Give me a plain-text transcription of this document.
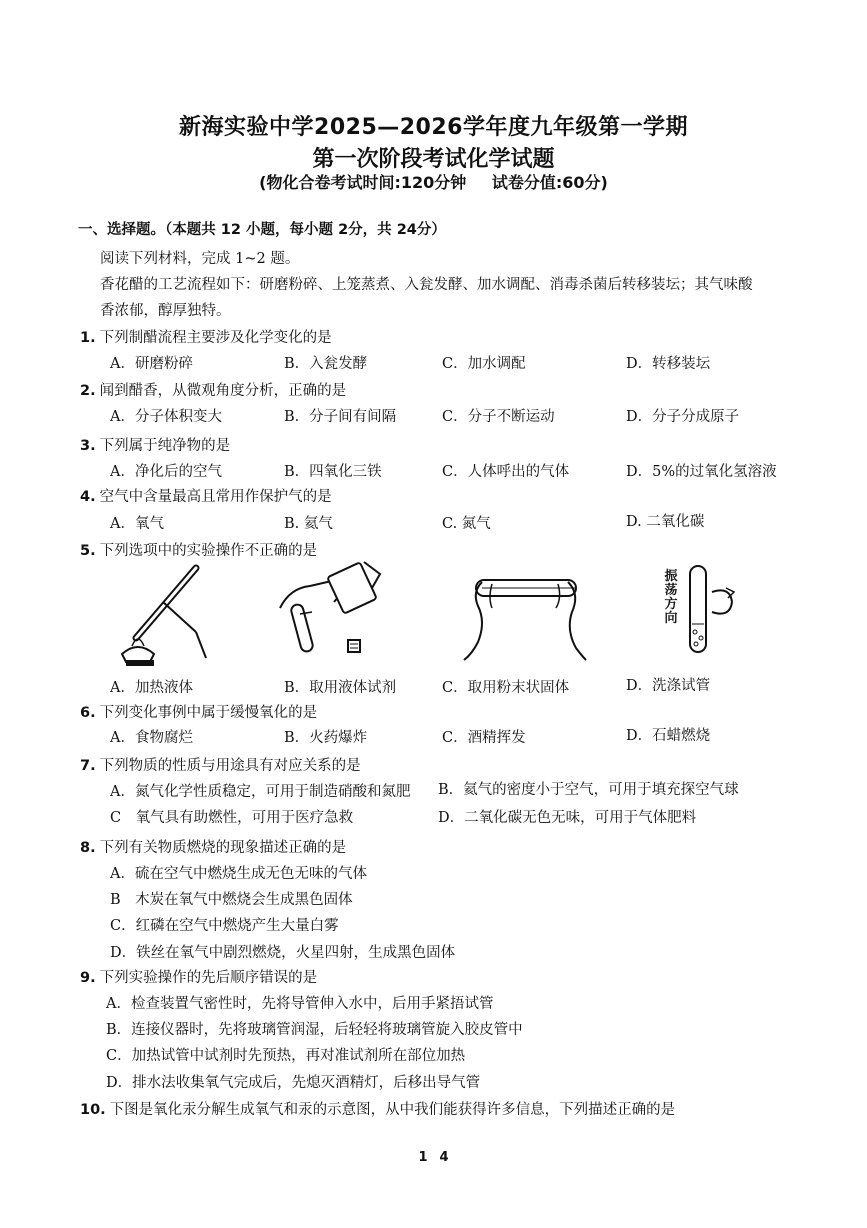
新海实验中学2025—2026学年度九年级第一学期
第一次阶段考试化学试题
(物化合卷考试时间:120分钟 试卷分值:60分)
一、选择题。（本题共 12 小题，每小题 2分，共 24分）
阅读下列材料，完成 1~2 题。
香花醋的工艺流程如下：研磨粉碎、上笼蒸煮、入瓮发酵、加水调配、消毒杀菌后转移装坛；其气味酸
香浓郁，醇厚独特。
1. 下列制醋流程主要涉及化学变化的是
A．研磨粉碎	B．入瓮发酵	C．加水调配	D．转移装坛
2. 闻到醋香，从微观角度分析，正确的是
A．分子体积变大	B．分子间有间隔	C．分子不断运动	D．分子分成原子
3. 下列属于纯净物的是
A．净化后的空气	B．四氧化三铁	C．人体呼出的气体	D．5%的过氧化氢溶液
4. 空气中含量最高且常用作保护气的是
A．氧气	B. 氦气	C. 氮气	D. 二氧化碳
5. 下列选项中的实验操作不正确的是
振荡方向
A．加热液体	B．取用液体试剂	C．取用粉末状固体	D．洗涤试管
6. 下列变化事例中属于缓慢氧化的是
A．食物腐烂	B．火药爆炸	C．酒精挥发	D．石蜡燃烧
7. 下列物质的性质与用途具有对应关系的是
A．氮气化学性质稳定，可用于制造硝酸和氮肥 B．氦气的密度小于空气，可用于填充探空气球
C　氧气具有助燃性，可用于医疗急救	D．二氧化碳无色无味，可用于气体肥料
8. 下列有关物质燃烧的现象描述正确的是
A．硫在空气中燃烧生成无色无味的气体
B　木炭在氧气中燃烧会生成黑色固体
C．红磷在空气中燃烧产生大量白雾
D．铁丝在氧气中剧烈燃烧，火星四射，生成黑色固体
9. 下列实验操作的先后顺序错误的是
A．检查装置气密性时，先将导管伸入水中，后用手紧捂试管
B．连接仪器时，先将玻璃管润湿，后轻轻将玻璃管旋入胶皮管中
C．加热试管中试剂时先预热，再对准试剂所在部位加热
D．排水法收集氧气完成后，先熄灭酒精灯，后移出导气管
10. 下图是氧化汞分解生成氧气和汞的示意图，从中我们能获得许多信息，下列描述正确的是
1 4
